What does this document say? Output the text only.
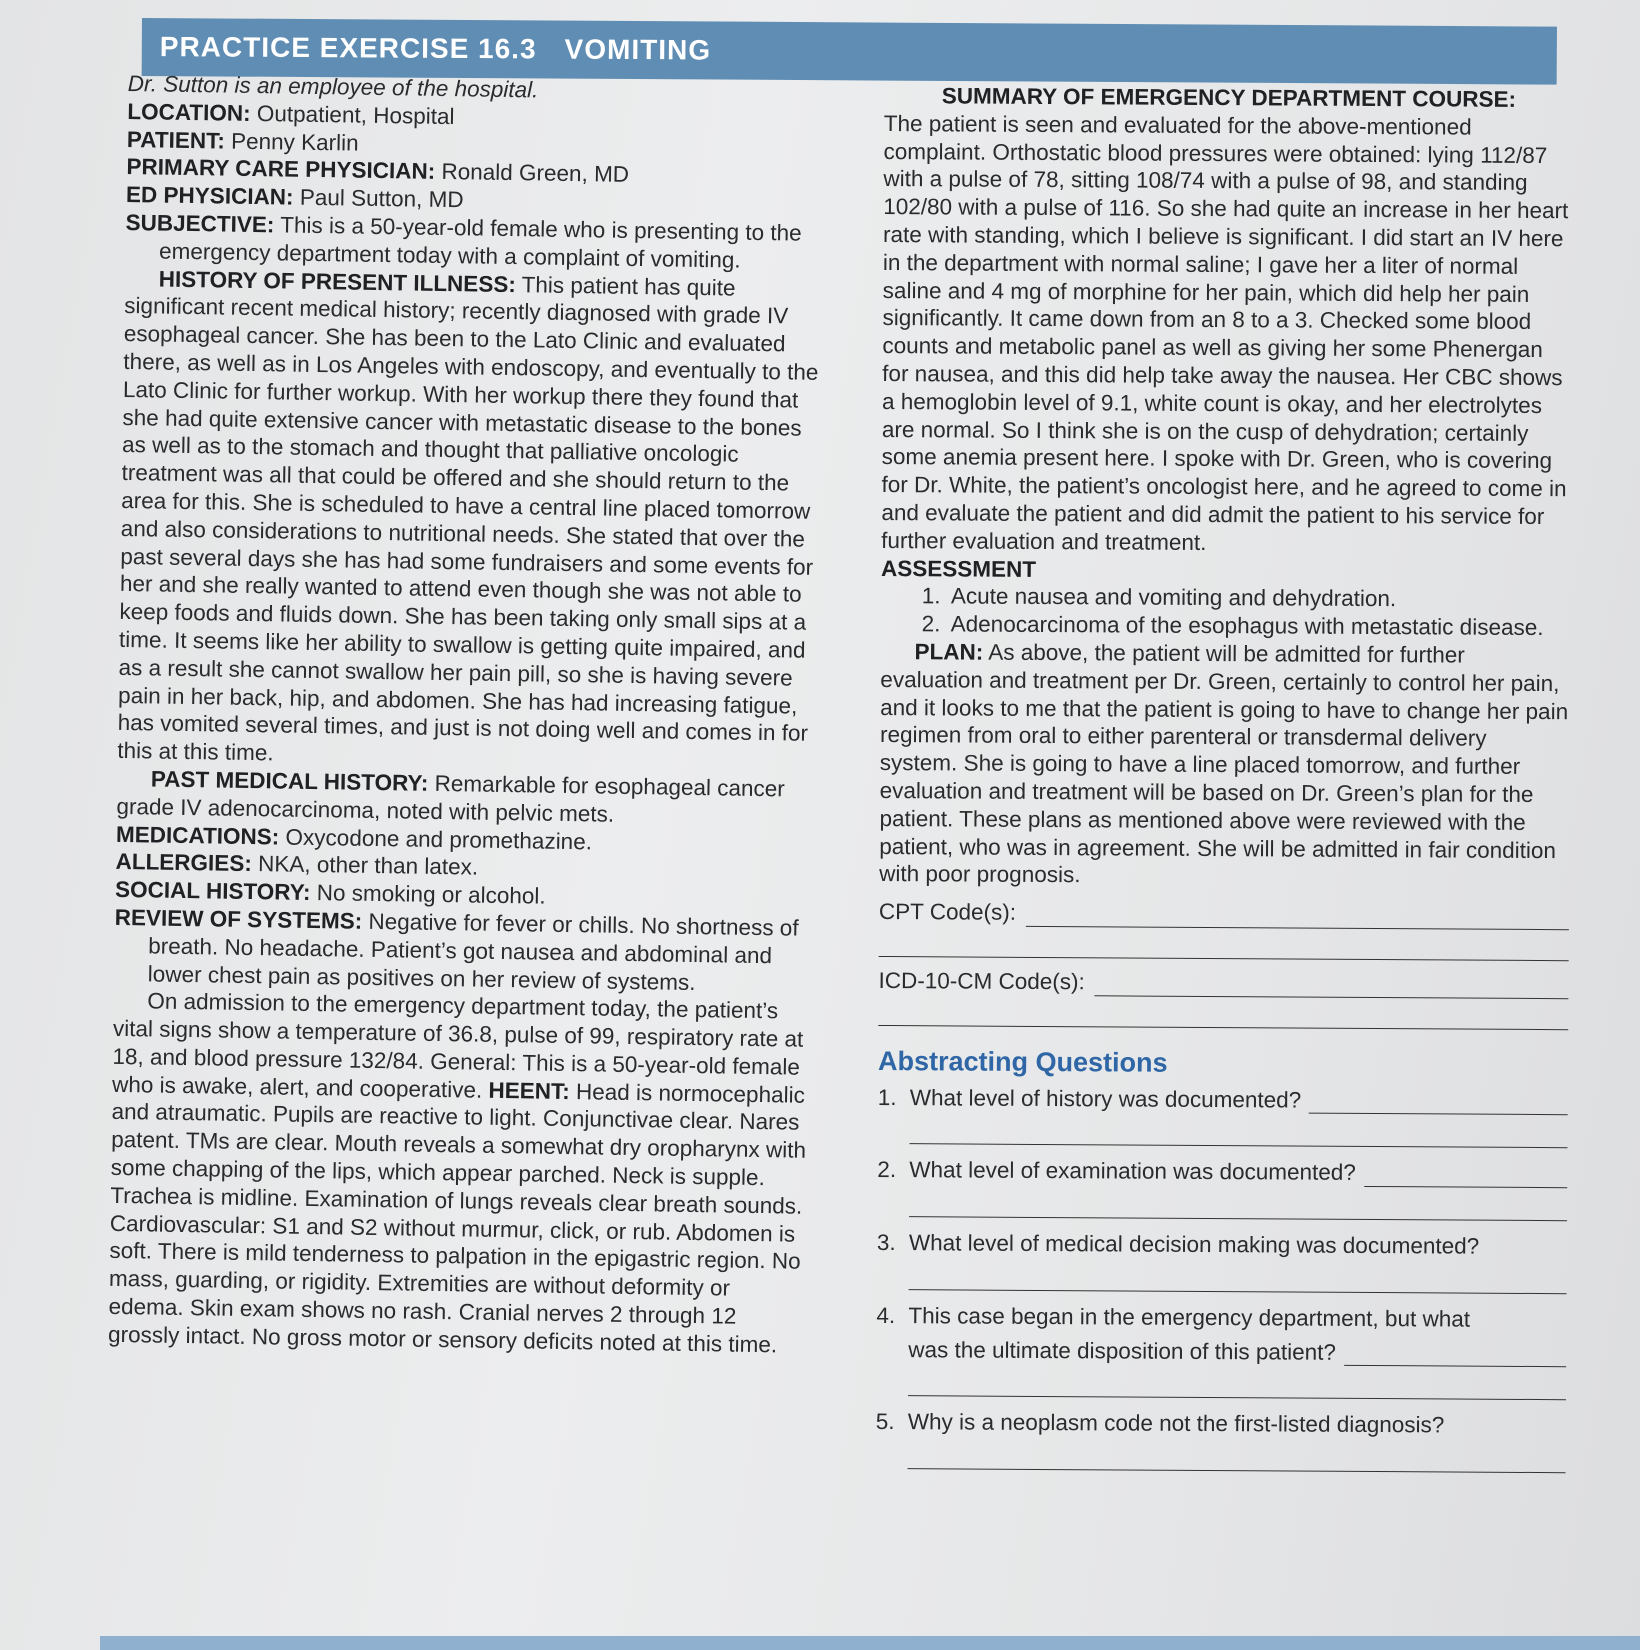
PRACTICE EXERCISE 16.3 VOMITING

Dr. Sutton is an employee of the hospital.

LOCATION: Outpatient, Hospital

PATIENT: Penny Karlin

PRIMARY CARE PHYSICIAN: Ronald Green, MD

ED PHYSICIAN: Paul Sutton, MD

SUBJECTIVE: This is a 50-year-old female who is presenting to the emergency department today with a complaint of vomiting.

HISTORY OF PRESENT ILLNESS: This patient has quite significant recent medical history; recently diagnosed with grade IV esophageal cancer. She has been to the Lato Clinic and evaluated there, as well as in Los Angeles with endoscopy, and eventually to the Lato Clinic for further workup. With her workup there they found that she had quite extensive cancer with metastatic disease to the bones as well as to the stomach and thought that palliative oncologic treatment was all that could be offered and she should return to the area for this. She is scheduled to have a central line placed tomorrow and also considerations to nutritional needs. She stated that over the past several days she has had some fundraisers and some events for her and she really wanted to attend even though she was not able to keep foods and fluids down. She has been taking only small sips at a time. It seems like her ability to swallow is getting quite impaired, and as a result she cannot swallow her pain pill, so she is having severe pain in her back, hip, and abdomen. She has had increasing fatigue, has vomited several times, and just is not doing well and comes in for this at this time.

PAST MEDICAL HISTORY: Remarkable for esophageal cancer grade IV adenocarcinoma, noted with pelvic mets.

MEDICATIONS: Oxycodone and promethazine.

ALLERGIES: NKA, other than latex.

SOCIAL HISTORY: No smoking or alcohol.

REVIEW OF SYSTEMS: Negative for fever or chills. No shortness of breath. No headache. Patient’s got nausea and abdominal and lower chest pain as positives on her review of systems.

On admission to the emergency department today, the patient’s vital signs show a temperature of 36.8, pulse of 99, respiratory rate at 18, and blood pressure 132/84. General: This is a 50-year-old female who is awake, alert, and cooperative. HEENT: Head is normocephalic and atraumatic. Pupils are reactive to light. Conjunctivae clear. Nares patent. TMs are clear. Mouth reveals a somewhat dry oropharynx with some chapping of the lips, which appear parched. Neck is supple. Trachea is midline. Examination of lungs reveals clear breath sounds. Cardiovascular: S1 and S2 without murmur, click, or rub. Abdomen is soft. There is mild tenderness to palpation in the epigastric region. No mass, guarding, or rigidity. Extremities are without deformity or edema. Skin exam shows no rash. Cranial nerves 2 through 12 grossly intact. No gross motor or sensory deficits noted at this time.

SUMMARY OF EMERGENCY DEPARTMENT COURSE:

The patient is seen and evaluated for the above-mentioned complaint. Orthostatic blood pressures were obtained: lying 112/87 with a pulse of 78, sitting 108/74 with a pulse of 98, and standing 102/80 with a pulse of 116. So she had quite an increase in her heart rate with standing, which I believe is significant. I did start an IV here in the department with normal saline; I gave her a liter of normal saline and 4 mg of morphine for her pain, which did help her pain significantly. It came down from an 8 to a 3. Checked some blood counts and metabolic panel as well as giving her some Phenergan for nausea, and this did help take away the nausea. Her CBC shows a hemoglobin level of 9.1, white count is okay, and her electrolytes are normal. So I think she is on the cusp of dehydration; certainly some anemia present here. I spoke with Dr. Green, who is covering for Dr. White, the patient’s oncologist here, and he agreed to come in and evaluate the patient and did admit the patient to his service for further evaluation and treatment.

ASSESSMENT

1. Acute nausea and vomiting and dehydration.
2. Adenocarcinoma of the esophagus with metastatic disease.

PLAN: As above, the patient will be admitted for further evaluation and treatment per Dr. Green, certainly to control her pain, and it looks to me that the patient is going to have to change her pain regimen from oral to either parenteral or transdermal delivery system. She is going to have a line placed tomorrow, and further evaluation and treatment will be based on Dr. Green’s plan for the patient. These plans as mentioned above were reviewed with the patient, who was in agreement. She will be admitted in fair condition with poor prognosis.

CPT Code(s):
ICD-10-CM Code(s):
Abstracting Questions
1. What level of history was documented?
2. What level of examination was documented?
3. What level of medical decision making was documented?
4. This case began in the emergency department, but what
was the ultimate disposition of this patient?
5. Why is a neoplasm code not the first-listed diagnosis?
